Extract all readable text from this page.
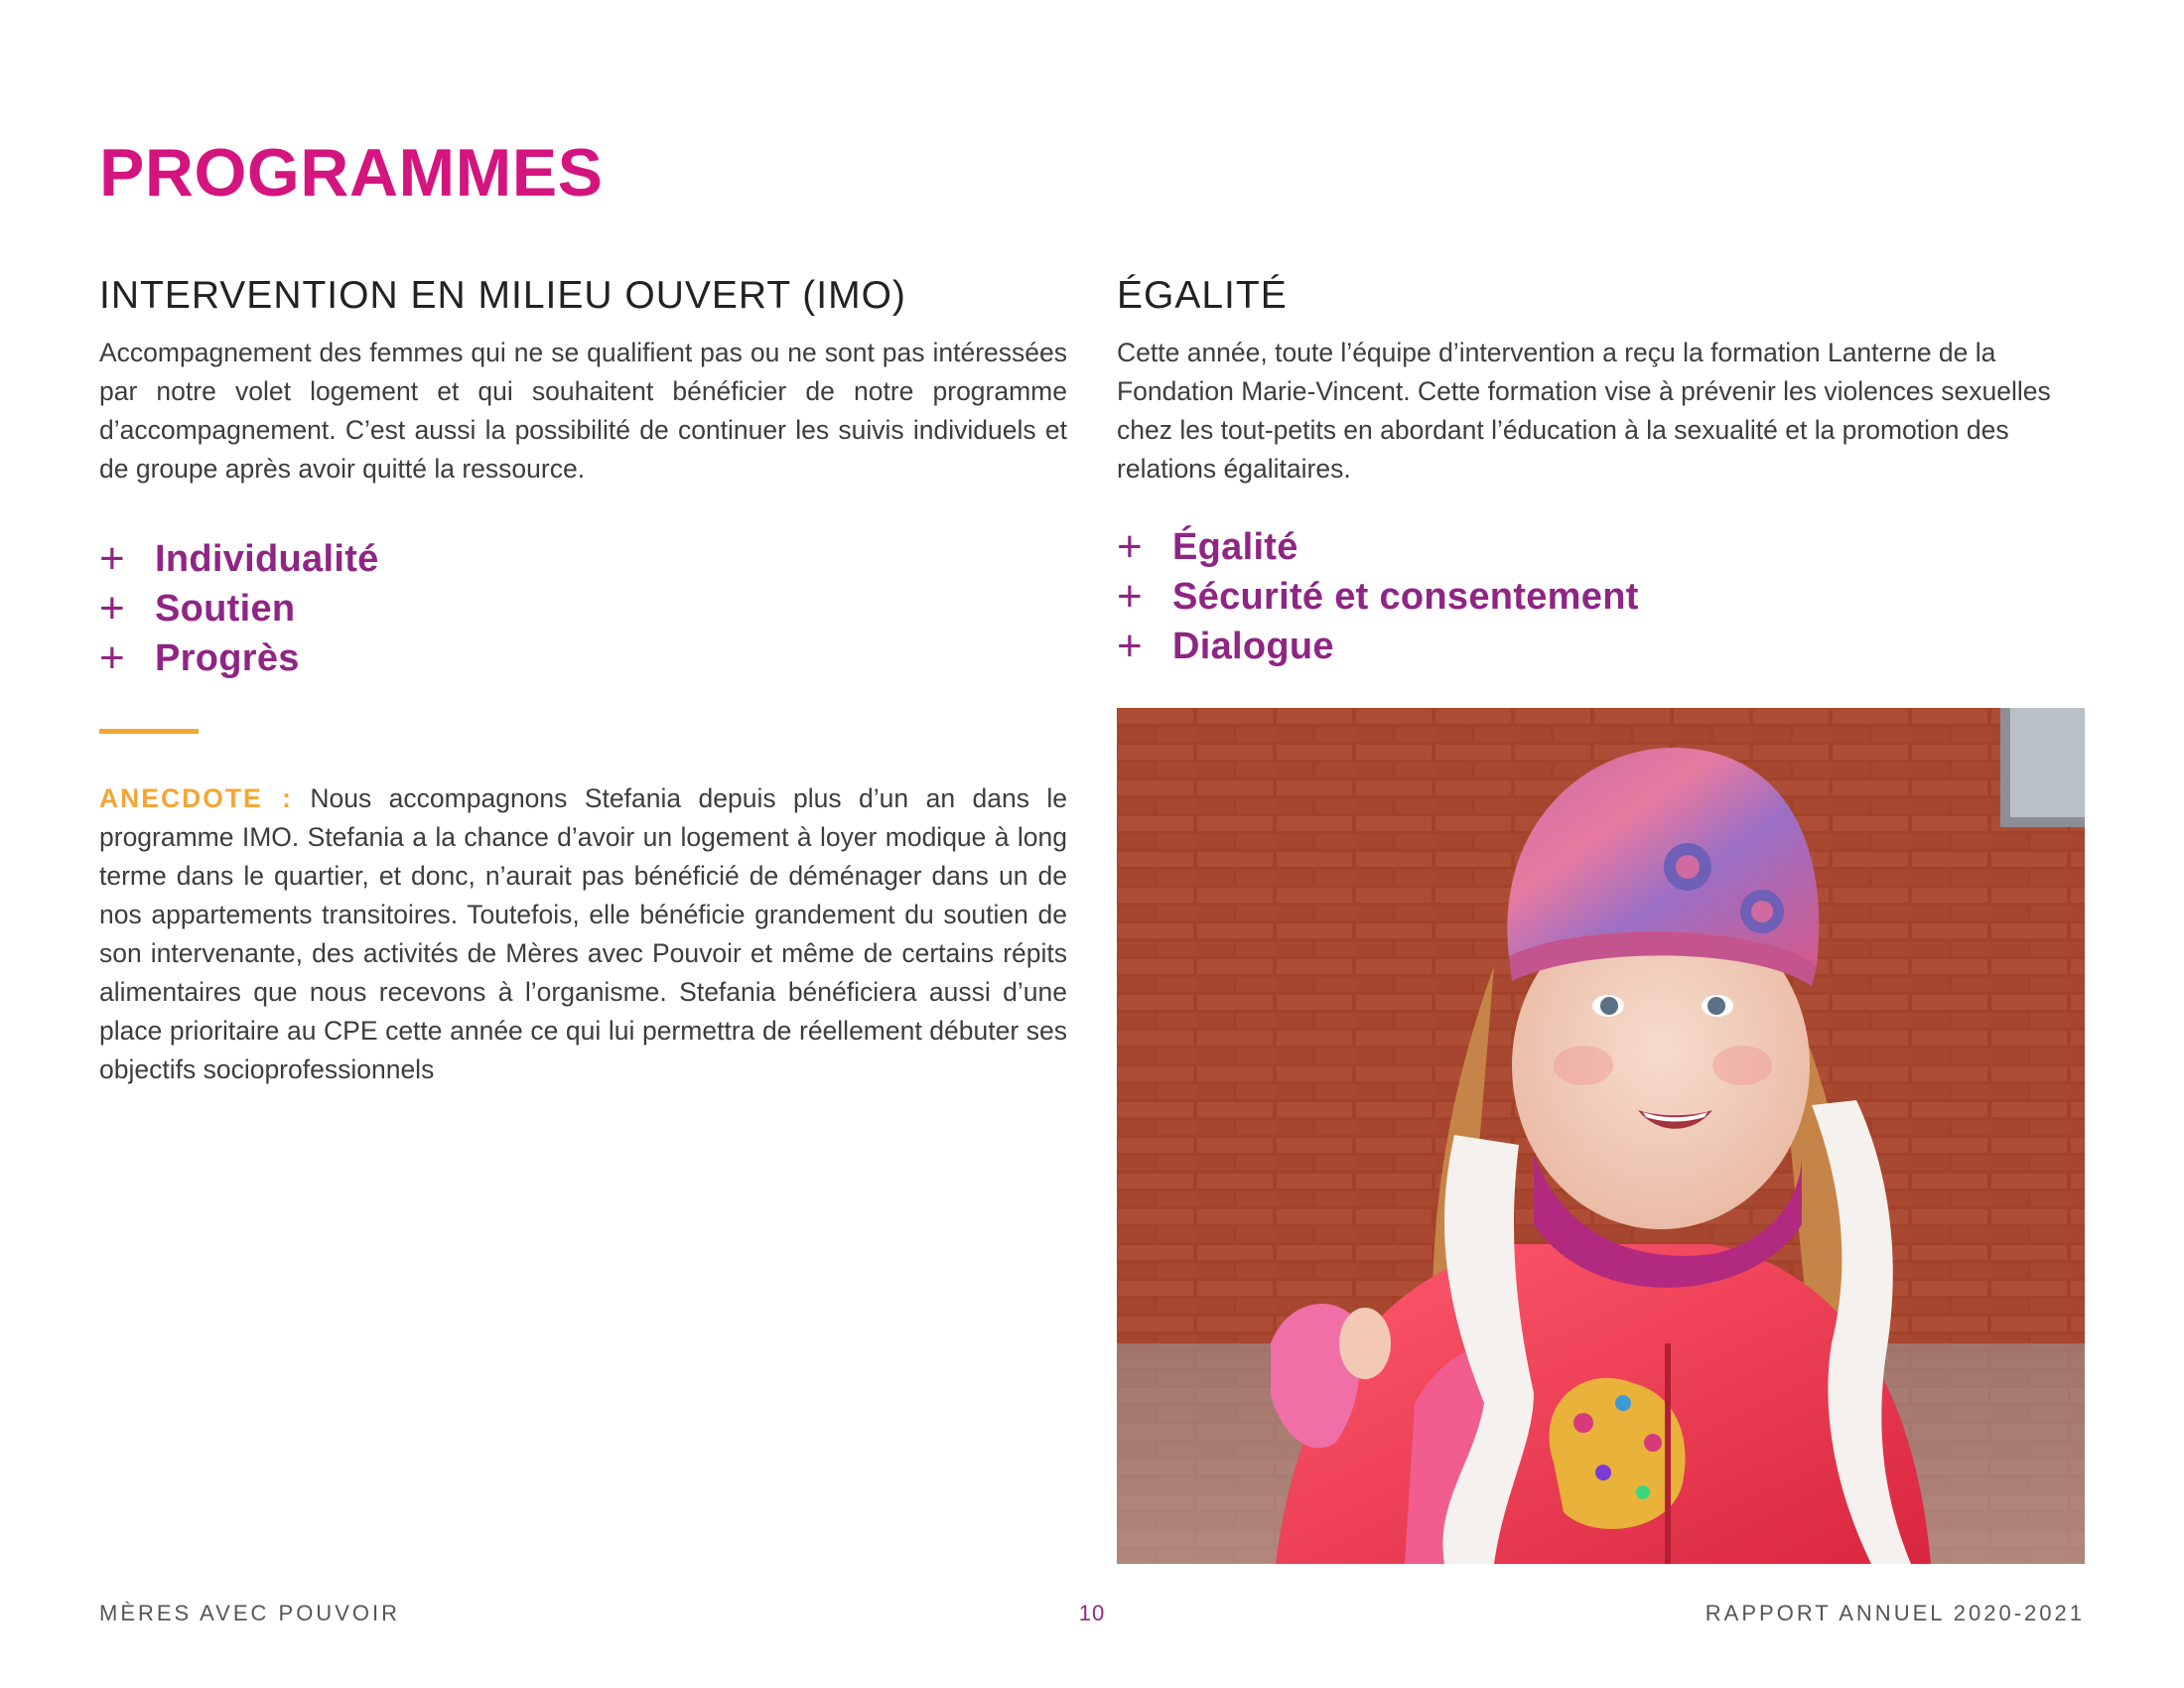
PROGRAMMES
INTERVENTION EN MILIEU OUVERT (IMO)

Accompagnement des femmes qui ne se qualifient pas ou ne sont pas intéressées par notre volet logement et qui souhaitent bénéficier de notre programme d’accompagnement. C’est aussi la possibilité de continuer les suivis individuels et de groupe après avoir quitté la ressource.

+ Individualité
+ Soutien
+ Progrès

ANECDOTE : Nous accompagnons Stefania depuis plus d’un an dans le programme IMO. Stefania a la chance d’avoir un logement à loyer modique à long terme dans le quartier, et donc, n’aurait pas bénéficié de déménager dans un de nos appartements transitoires. Toutefois, elle bénéficie grandement du soutien de son intervenante, des activités de Mères avec Pouvoir et même de certains répits alimentaires que nous recevons à l’organisme. Stefania bénéficiera aussi d’une place prioritaire au CPE cette année ce qui lui permettra de réellement débuter ses objectifs socioprofessionnels

ÉGALITÉ

Cette année, toute l’équipe d’intervention a reçu la formation Lanterne de la Fondation Marie-Vincent. Cette formation vise à prévenir les violences sexuelles chez les tout-petits en abordant l’éducation à la sexualité et la promotion des relations égalitaires.

+ Égalité
+ Sécurité et consentement
+ Dialogue
MÈRES AVEC POUVOIR	10	RAPPORT ANNUEL 2020-2021
